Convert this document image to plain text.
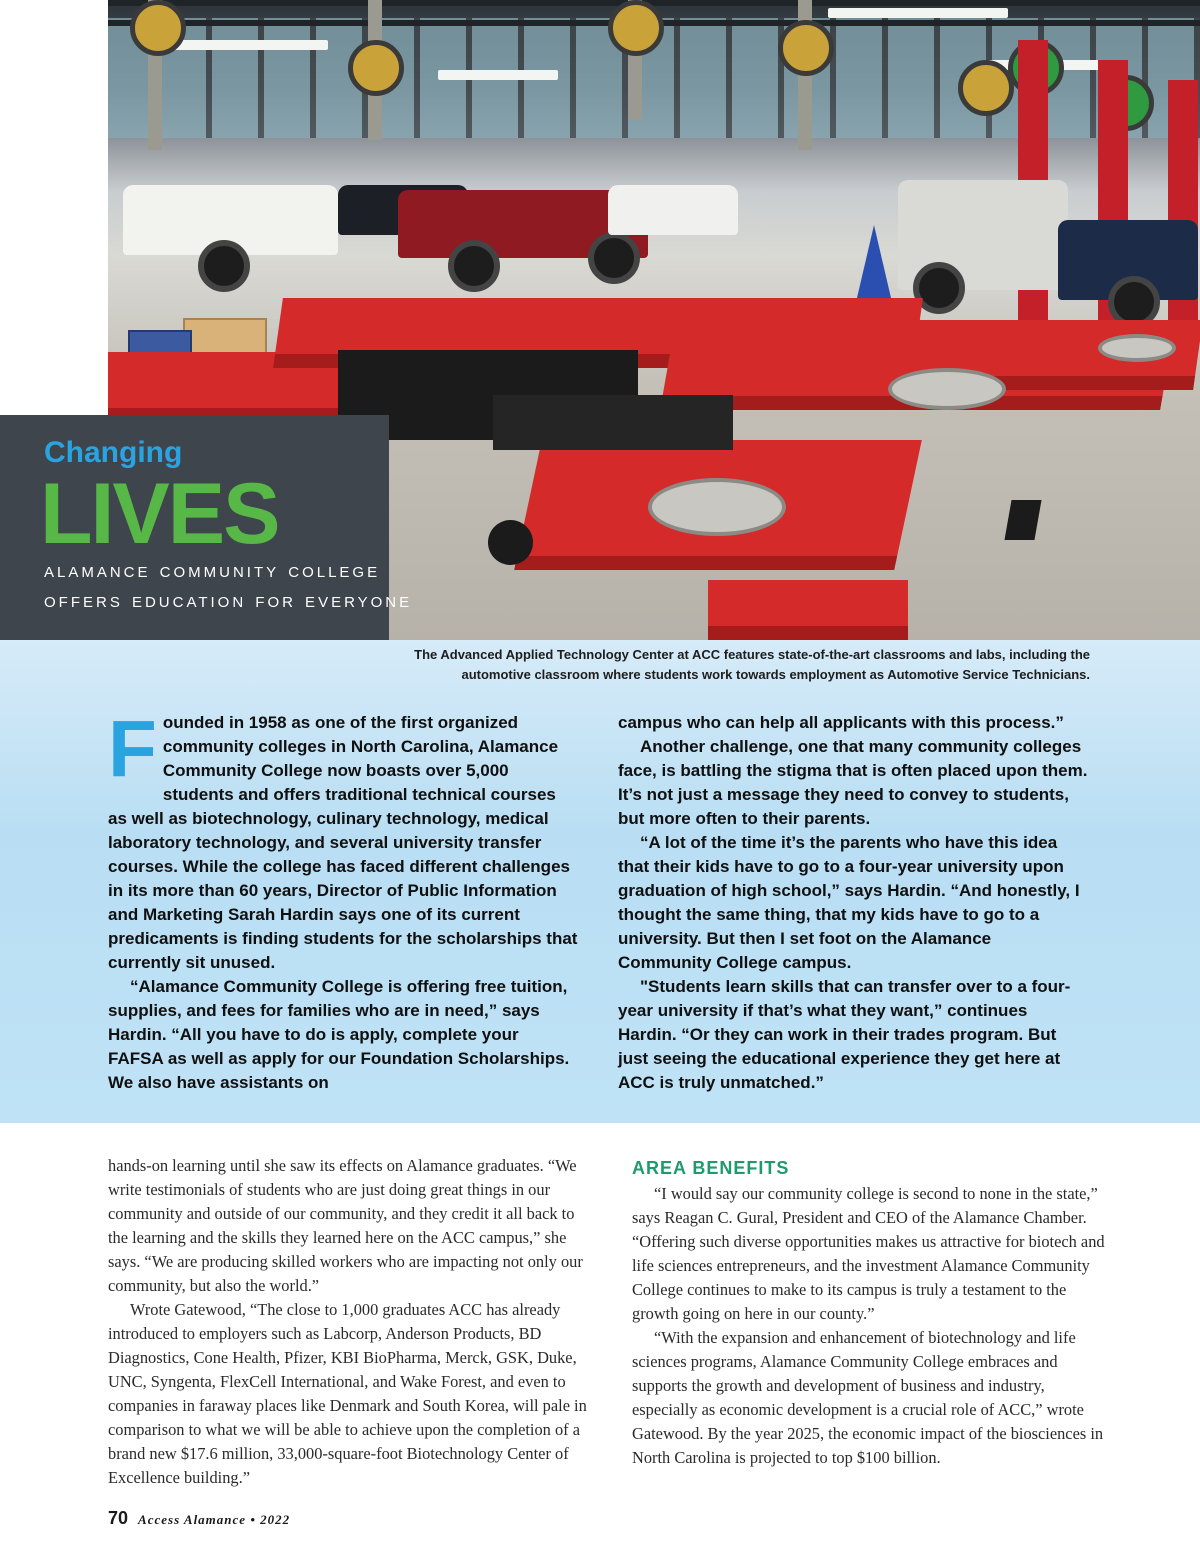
Changing
LIVES
alamance community college
offers education for everyone
The Advanced Applied Technology Center at ACC features state-of-the-art classrooms and labs, including the
automotive classroom where students work towards employment as Automotive Service Technicians.
F ounded in 1958 as one of the first organized community colleges in North Carolina, Alamance Community College now boasts over 5,000 students and offers traditional technical courses as well as biotechnology, culinary technology, medical laboratory technology, and several university transfer courses. While the college has faced different challenges in its more than 60 years, Director of Public Information and Marketing Sarah Hardin says one of its current predicaments is finding students for the scholarships that currently sit unused.

“Alamance Community College is offering free tuition, supplies, and fees for families who are in need,” says Hardin. “All you have to do is apply, complete your FAFSA as well as apply for our Foundation Scholarships. We also have assistants on

campus who can help all applicants with this process.”

Another challenge, one that many community colleges face, is battling the stigma that is often placed upon them. It’s not just a message they need to convey to students, but more often to their parents.

“A lot of the time it’s the parents who have this idea that their kids have to go to a four-year university upon graduation of high school,” says Hardin. “And honestly, I thought the same thing, that my kids have to go to a university. But then I set foot on the Alamance Community College campus.

"Students learn skills that can transfer over to a four-year university if that’s what they want,” continues Hardin. “Or they can work in their trades program. But just seeing the educational experience they get here at ACC is truly unmatched.”

hands-on learning until she saw its effects on Alamance graduates. “We write testimonials of students who are just doing great things in our community and outside of our community, and they credit it all back to the learning and the skills they learned here on the ACC campus,” she says. “We are producing skilled workers who are impacting not only our community, but also the world.”

Wrote Gatewood, “The close to 1,000 graduates ACC has already introduced to employers such as Labcorp, Anderson Products, BD Diagnostics, Cone Health, Pfizer, KBI BioPharma, Merck, GSK, Duke, UNC, Syngenta, FlexCell International, and Wake Forest, and even to companies in faraway places like Denmark and South Korea, will pale in comparison to what we will be able to achieve upon the completion of a brand new $17.6 million, 33,000-square-foot Biotechnology Center of Excellence building.”

AREA BENEFITS

“I would say our community college is second to none in the state,” says Reagan C. Gural, President and CEO of the Alamance Chamber. “Offering such diverse opportunities makes us attractive for biotech and life sciences entrepreneurs, and the investment Alamance Community College continues to make to its campus is truly a testament to the growth going on here in our county.”

“With the expansion and enhancement of biotechnology and life sciences programs, Alamance Community College embraces and supports the growth and development of business and industry, especially as economic development is a crucial role of ACC,” wrote Gatewood. By the year 2025, the economic impact of the biosciences in North Carolina is projected to top $100 billion.

70 Access Alamance • 2022
